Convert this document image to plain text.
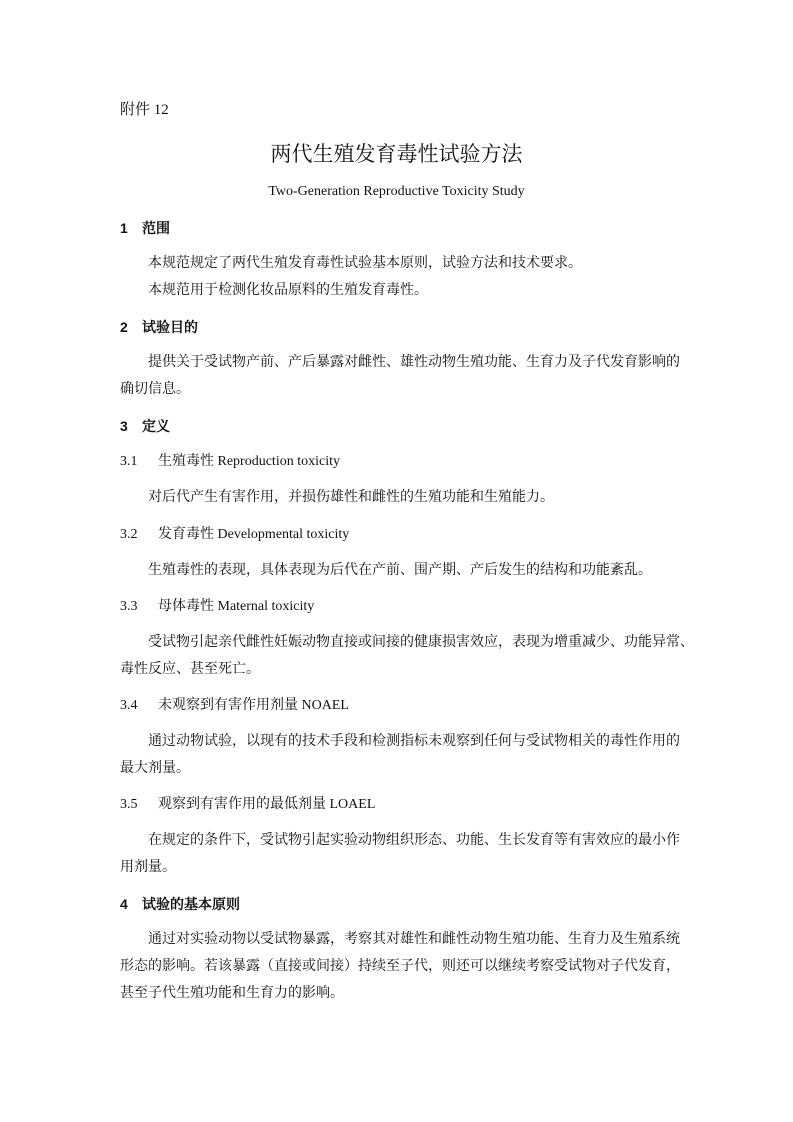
附件 12
两代生殖发育毒性试验方法
Two-Generation Reproductive Toxicity Study
1 范围
本规范规定了两代生殖发育毒性试验基本原则，试验方法和技术要求。
本规范用于检测化妆品原料的生殖发育毒性。
2 试验目的
提供关于受试物产前、产后暴露对雌性、雄性动物生殖功能、生育力及子代发育影响的
确切信息。
3 定义
3.1 生殖毒性 Reproduction toxicity
对后代产生有害作用，并损伤雄性和雌性的生殖功能和生殖能力。
3.2 发育毒性 Developmental toxicity
生殖毒性的表现，具体表现为后代在产前、围产期、产后发生的结构和功能紊乱。
3.3 母体毒性 Maternal toxicity
受试物引起亲代雌性妊娠动物直接或间接的健康损害效应，表现为增重减少、功能异常、
毒性反应、甚至死亡。
3.4 未观察到有害作用剂量 NOAEL
通过动物试验，以现有的技术手段和检测指标未观察到任何与受试物相关的毒性作用的
最大剂量。
3.5 观察到有害作用的最低剂量 LOAEL
在规定的条件下，受试物引起实验动物组织形态、功能、生长发育等有害效应的最小作
用剂量。
4 试验的基本原则
通过对实验动物以受试物暴露，考察其对雄性和雌性动物生殖功能、生育力及生殖系统
形态的影响。若该暴露（直接或间接）持续至子代，则还可以继续考察受试物对子代发育，
甚至子代生殖功能和生育力的影响。
